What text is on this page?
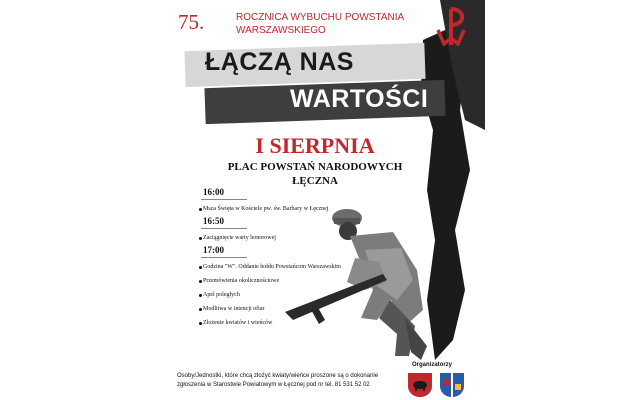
75.	ROCZNICA WYBUCHU POWSTANIA
WARSZAWSKIEGO
ŁĄCZĄ NAS
WARTOŚCI
I SIERPNIA
PLAC POWSTAŃ NARODOWYCH
ŁĘCZNA
16:00
Msza Święta w Kościele pw. św. Barbary w Łęcznej
16:50
Zaciągnięcie warty honorowej
17:00
Godzina "W". Oddanie hołdu Powstańcom Warszawskim
Przemówienia okolicznościowe
Apel poległych
Modlitwa w intencji ofiar
Złożenie kwiatów i wieńców
Osoby/Jednostki, które chcą złożyć kwiaty/wieńce proszone są o dokonanie
zgłoszenia w Starostwie Powiatowym w Łęcznej pod nr tel. 81 531 52 02
Organizatorzy
